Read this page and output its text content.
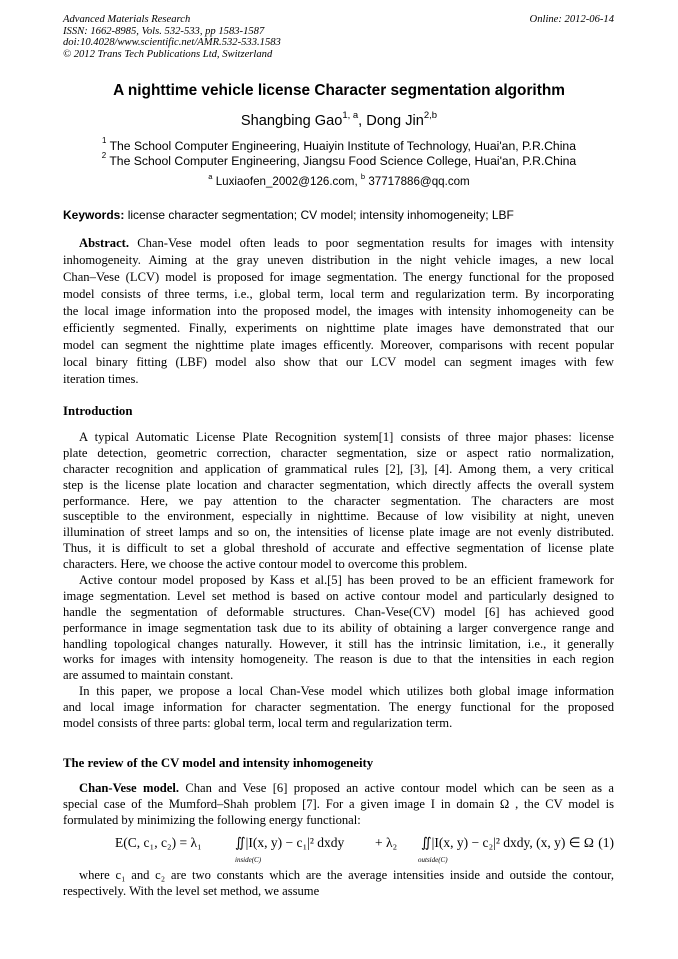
Advanced Materials Research
ISSN: 1662-8985, Vols. 532-533, pp 1583-1587
doi:10.4028/www.scientific.net/AMR.532-533.1583
© 2012 Trans Tech Publications Ltd, Switzerland
Online: 2012-06-14
A nighttime vehicle license Character segmentation algorithm
Shangbing Gao$^{1, a}$, Dong Jin$^{2,b}$
$^1$ The School Computer Engineering, Huaiyin Institute of Technology, Huai'an, P.R.China
$^2$ The School Computer Engineering, Jiangsu Food Science College, Huai'an, P.R.China
$^a$ Luxiaofen_2002@126.com, $^b$ 37717886@qq.com
Keywords: license character segmentation; CV model; intensity inhomogeneity; LBF
Abstract. Chan-Vese model often leads to poor segmentation results for images with intensity
inhomogeneity. Aiming at the gray uneven distribution in the night vehicle images, a new local
Chan–Vese (LCV) model is proposed for image segmentation. The energy functional for the proposed
model consists of three terms, i.e., global term, local term and regularization term. By incorporating
the local image information into the proposed model, the images with intensity inhomogeneity can be
efficiently segmented. Finally, experiments on nighttime plate images have demonstrated that our
model can segment the nighttime plate images efficently. Moreover, comparisons with recent popular
local binary fitting (LBF) model also show that our LCV model can segment images with few
iteration times.
Introduction
A typical Automatic License Plate Recognition system[1] consists of three major phases: license
plate detection, geometric correction, character segmentation, size or aspect ratio normalization,
character recognition and application of grammatical rules [2], [3], [4]. Among them, a very critical
step is the license plate location and character segmentation, which directly affects the overall system
performance. Here, we pay attention to the character segmentation. The characters are most
susceptible to the environment, especially in nighttime. Because of low visibility at night, uneven
illumination of street lamps and so on, the intensities of license plate image are not evenly distributed.
Thus, it is difficult to set a global threshold of accurate and effective segmentation of license plate
characters. Here, we choose the active contour model to overcome this problem.
Active contour model proposed by Kass et al.[5] has been proved to be an efficient framework for
image segmentation. Level set method is based on active contour model and particularly designed to
handle the segmentation of deformable structures. Chan-Vese(CV) model [6] has achieved good
performance in image segmentation task due to its ability of obtaining a larger convergence range and
handling topological changes naturally. However, it still has the intrinsic limitation, i.e., it generally
works for images with intensity homogeneity. The reason is due to that the intensities in each region
are assumed to maintain constant.
In this paper, we propose a local Chan-Vese model which utilizes both global image information
and local image information for character segmentation. The energy functional for the proposed
model consists of three parts: global term, local term and regularization term.
The review of the CV model and intensity inhomogeneity
Chan-Vese model. Chan and Vese [6] proposed an active contour model which can be seen as a
special case of the Mumford–Shah problem [7]. For a given image I in domain Ω , the CV model is
formulated by minimizing the following energy functional:
E(C, c₁, c₂) = λ₁ ∬|I(x, y) − c₁|² dxdy
inside(C)
+ λ₂ ∬|I(x, y) − c₂|² dxdy, (x, y) ∈ Ω
outside(C)
(1)
where c₁ and c₂ are two constants which are the average intensities inside and outside the contour,
respectively. With the level set method, we assume
